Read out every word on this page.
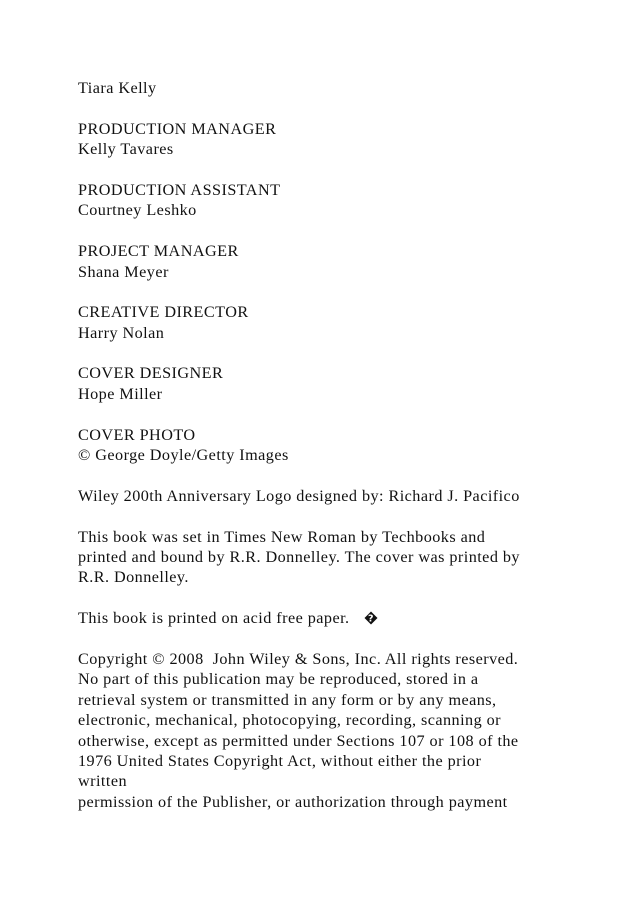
Tiara Kelly
PRODUCTION MANAGER
Kelly Tavares
PRODUCTION ASSISTANT
Courtney Leshko
PROJECT MANAGER
Shana Meyer
CREATIVE DIRECTOR
Harry Nolan
COVER DESIGNER
Hope Miller
COVER PHOTO
© George Doyle/Getty Images
Wiley 200th Anniversary Logo designed by: Richard J. Pacifico
This book was set in Times New Roman by Techbooks and
printed and bound by R.R. Donnelley. The cover was printed by
R.R. Donnelley.
This book is printed on acid free paper. ?
Copyright © 2008  John Wiley & Sons, Inc. All rights reserved.
No part of this publication may be reproduced, stored in a
retrieval system or transmitted in any form or by any means,
electronic, mechanical, photocopying, recording, scanning or
otherwise, except as permitted under Sections 107 or 108 of the
1976 United States Copyright Act, without either the prior
written
permission of the Publisher, or authorization through payment
